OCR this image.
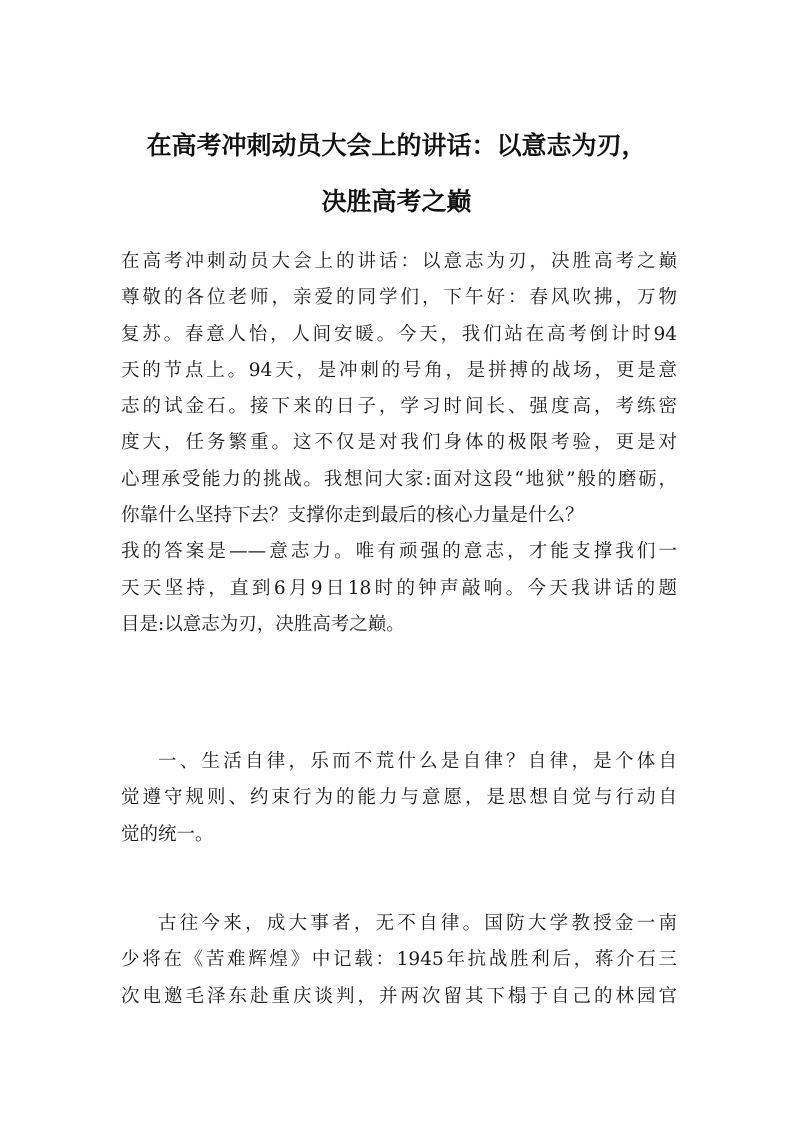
在高考冲刺动员大会上的讲话：以意志为刃，
决胜高考之巅
在高考冲刺动员大会上的讲话：以意志为刃，决胜高考之巅
尊敬的各位老师，亲爱的同学们，下午好：春风吹拂，万物
复苏。春意人怡，人间安暖。今天，我们站在高考倒计时94
天的节点上。94天，是冲刺的号角，是拼搏的战场，更是意
志的试金石。接下来的日子，学习时间长、强度高，考练密
度大，任务繁重。这不仅是对我们身体的极限考验，更是对
心理承受能力的挑战。我想问大家:面对这段“地狱”般的磨砺，
你靠什么坚持下去？支撑你走到最后的核心力量是什么？
我的答案是——意志力。唯有顽强的意志，才能支撑我们一
天天坚持，直到6月9日18时的钟声敲响。今天我讲话的题
目是:以意志为刃，决胜高考之巅。
一、生活自律，乐而不荒什么是自律？自律，是个体自
觉遵守规则、约束行为的能力与意愿，是思想自觉与行动自
觉的统一。
古往今来，成大事者，无不自律。国防大学教授金一南
少将在《苦难辉煌》中记载：1945年抗战胜利后，蒋介石三
次电邀毛泽东赴重庆谈判，并两次留其下榻于自己的林园官
